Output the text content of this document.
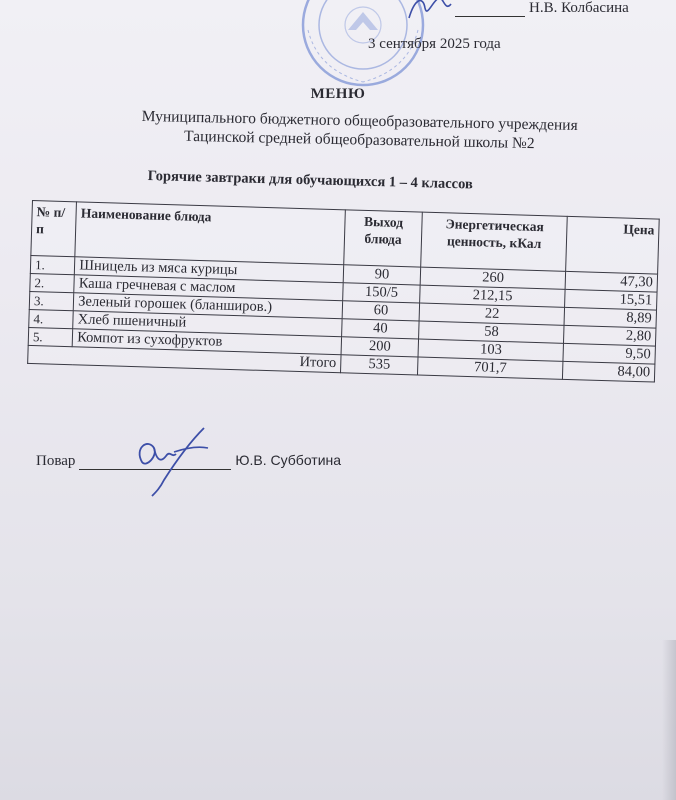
Н.В. Колбасина
3 сентября 2025 года
МЕНЮ
Муниципального бюджетного общеобразовательного учреждения
Тацинской средней общеобразовательной школы №2
Горячие завтраки для обучающихся 1 – 4 классов
№ п/п	Наименование блюда	Выход блюда	Энергетическая ценность, кКал	Цена
1.	Шницель из мяса курицы	90	260	47,30
2.	Каша гречневая с маслом	150/5	212,15	15,51
3.	Зеленый горошек (бланширов.)	60	22	8,89
4.	Хлеб пшеничный	40	58	2,80
5.	Компот из сухофруктов	200	103	9,50
Итого		535	701,7	84,00
Повар	Ю.В. Субботина
